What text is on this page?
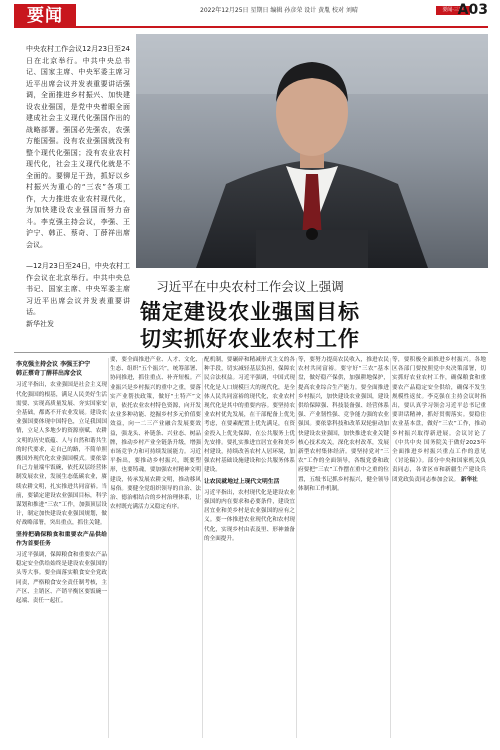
要闻	2022年12月25日 星期日 编辑 孙彦荣 设计 黄胤 校对 刘晴	要闻·三农
A03

中央农村工作会议12月23日至24日在北京举行。中共中央总书记、国家主席、中央军委主席习近平出席会议并发表重要讲话强调，全面推进乡村振兴、加快建设农业强国，是党中央着眼全面建成社会主义现代化强国作出的战略部署。强国必先强农，农强方能国强。没有农业强国就没有整个现代化强国；没有农业农村现代化，社会主义现代化就是不全面的。要铆足干劲，抓好以乡村振兴为重心的“三农”各项工作，大力推进农业农村现代化，为加快建设农业强国而努力奋斗。李克强主持会议，李强、王沪宁、韩正、蔡奇、丁薛祥出席会议。

—12月23日至24日，中央农村工作会议在北京举行。中共中央总书记、国家主席、中央军委主席习近平出席会议并发表重要讲话。
新华社发

习近平在中央农村工作会议上强调
锚定建设农业强国目标
切实抓好农业农村工作
李克强主持会议 李强王沪宁
韩正蔡奇丁薛祥出席会议
习近平指出，农业强国是社会主义现代化强国的根基，满足人民美好生活需要、实现高质量发展、夯实国家安全基础，都离不开农业发展。建设农业强国要体现中国特色，立足我国国情，立足人多地少的资源禀赋、农耕文明的历史底蕴、人与自然和谐共生的时代要求，走自己的路，不简单照搬国外现代化农业强国模式。要依靠自己力量端牢饭碗，依托双层经营体制发展农业，发展生态低碳农业，赓续农耕文明，扎实推进共同富裕。当前，要锚定建设农业强国目标，科学谋划和推进“三农”工作，加强顶层设计，制定加快建设农业强国规划，做好战略部署，突出重点，抓住关键。
坚持把确保粮食和重要农产品供给作为首要任务
习近平强调，保障粮食和重要农产品稳定安全供给始终是建设农业强国的头等大事。要全面落实粮食安全党政同责，严格粮食安全责任制考核，主产区、主销区、产销平衡区要饭碗一起端、责任一起扛。
要，要全面推进产业、人才、文化、生态、组织“五个振兴”，统筹部署、协同推进，抓住重点、补齐短板。产业振兴是乡村振兴的重中之重，要落实产业帮扶政策，做好“土特产”文章，依托农业农村特色资源，向开发农业多种功能、挖掘乡村多元价值要效益，向一二三产业融合发展要效益，强龙头、补链条、兴业态、树品牌，推动乡村产业全链条升级，增强市场竞争力和可持续发展能力。习近平指出，要推动乡村振兴，既要塑形，也要铸魂，要加强农村精神文明建设，传承发展农耕文明，推动移风易俗。要健全党组织领导的自治、法治、德治相结合的乡村治理体系，让农村既充满活力又稳定有序。
配机制，要碾碎和精减形式主义的各种手段，切实减轻基层负担，保障农民合法权益。习近平强调，中国式现代化是人口规模巨大的现代化，是全体人民共同富裕的现代化，农业农村现代化是其中的重要内容。要坚持农业农村优先发展，在干部配备上优先考虑，在要素配置上优先满足，在资金投入上优先保障，在公共服务上优先安排。要扎实推进宜居宜业和美乡村建设，持续改善农村人居环境，加强农村基础设施建设和公共服务体系建设。
让农民就地过上现代文明生活
习近平指出，农村现代化是建设农业强国的内在要求和必要条件，建设宜居宜业和美乡村是农业强国的应有之义。要一体推进农业现代化和农村现代化，实现乡村由表及里、形神兼备的全面提升。
等，要努力提高农民收入，推进农民农村共同富裕。要守好“三农”基本盘，做好稳产保供，加强耕地保护，提高农业综合生产能力。要全面推进乡村振兴，加快建设农业强国，建设供给保障强、科技装备强、经营体系强、产业韧性强、竞争能力强的农业强国。要依靠科技和改革双轮驱动加快建设农业强国，加快推进农业关键核心技术攻关，深化农村改革，发展新型农村集体经济。要坚持党对“三农”工作的全面领导，各级党委和政府要把“三农”工作摆在重中之重的位置，五级书记抓乡村振兴，健全领导体制和工作机制。
等，要积极全面推进乡村振兴。各地区各部门要按照党中央决策部署，切实抓好农业农村工作，确保粮食和重要农产品稳定安全供给，确保不发生规模性返贫。李克强在主持会议时指出，要认真学习领会习近平总书记重要讲话精神，抓好贯彻落实。要稳住农业基本盘，做好“三农”工作，推动乡村振兴取得新进展。会议讨论了《中共中央 国务院关于做好2023年全面推进乡村振兴重点工作的意见（讨论稿）》。部分中央和国家机关负责同志，各省区市和新疆生产建设兵团党政负责同志参加会议。 新华社
